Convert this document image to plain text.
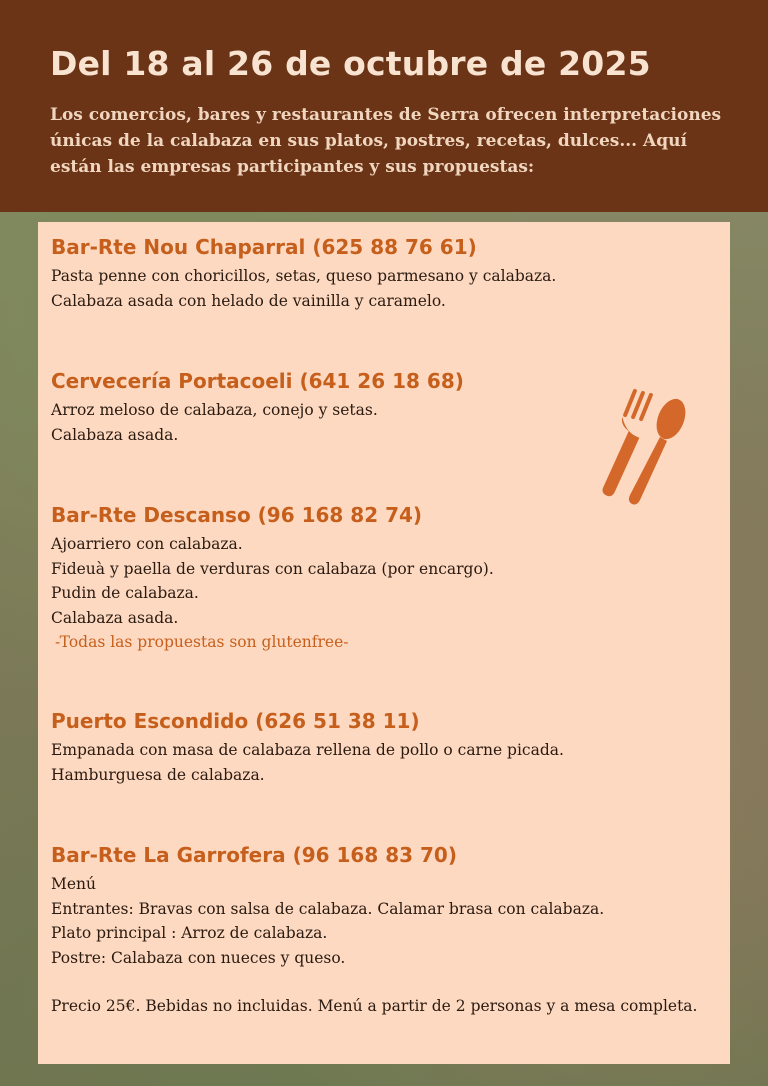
Del 18 al 26 de octubre de 2025

Los comercios, bares y restaurantes de Serra ofrecen interpretaciones únicas de la calabaza en sus platos, postres, recetas, dulces... Aquí están las empresas participantes y sus propuestas:

Bar-Rte Nou Chaparral (625 88 76 61)
Pasta penne con choricillos, setas, queso parmesano y calabaza.
Calabaza asada con helado de vainilla y caramelo.
Cervecería Portacoeli (641 26 18 68)
Arroz meloso de calabaza, conejo y setas.
Calabaza asada.
Bar-Rte Descanso (96 168 82 74)
Ajoarriero con calabaza.
Fideuà y paella de verduras con calabaza (por encargo).
Pudin de calabaza.
Calabaza asada.
-Todas las propuestas son glutenfree-
Puerto Escondido (626 51 38 11)
Empanada con masa de calabaza rellena de pollo o carne picada.
Hamburguesa de calabaza.
Bar-Rte La Garrofera (96 168 83 70)
Menú
Entrantes: Bravas con salsa de calabaza. Calamar brasa con calabaza.
Plato principal : Arroz de calabaza.
Postre: Calabaza con nueces y queso.
Precio 25€. Bebidas no incluidas. Menú a partir de 2 personas y a mesa completa.
